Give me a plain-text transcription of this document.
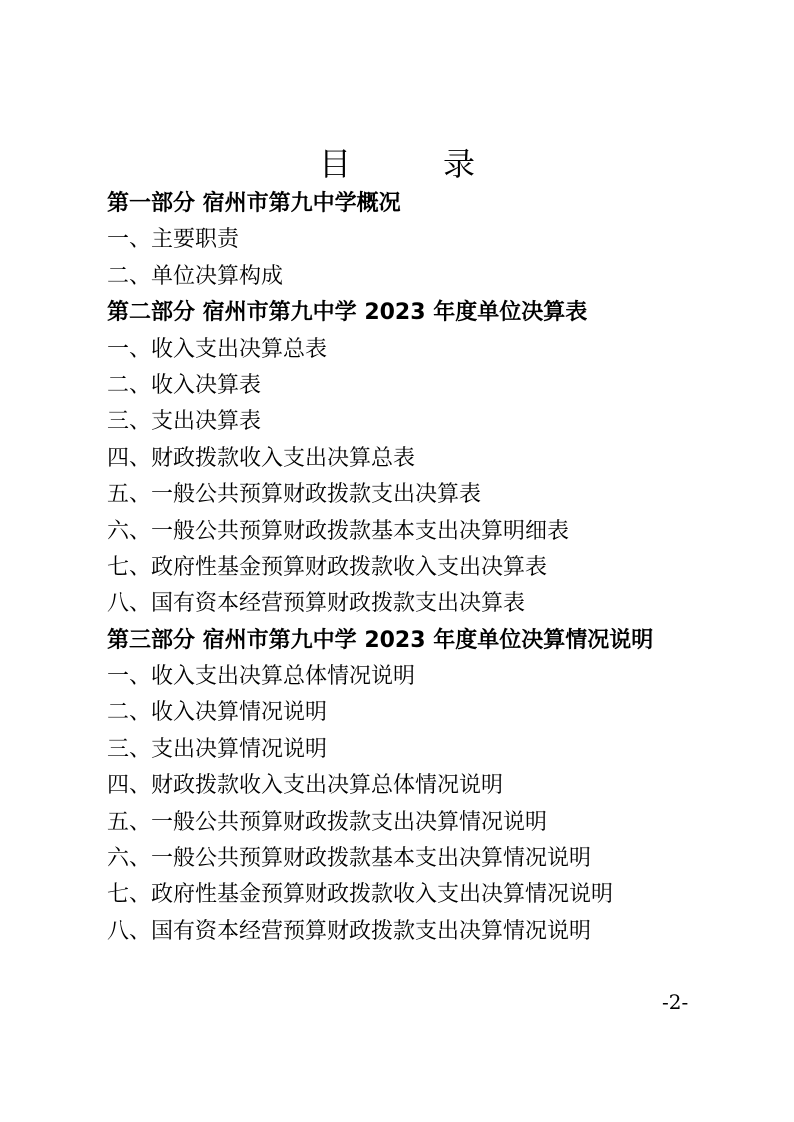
目　录
第一部分 宿州市第九中学概况
一、主要职责
二、单位决算构成
第二部分 宿州市第九中学 2023 年度单位决算表
一、收入支出决算总表
二、收入决算表
三、支出决算表
四、财政拨款收入支出决算总表
五、一般公共预算财政拨款支出决算表
六、一般公共预算财政拨款基本支出决算明细表
七、政府性基金预算财政拨款收入支出决算表
八、国有资本经营预算财政拨款支出决算表
第三部分 宿州市第九中学 2023 年度单位决算情况说明
一、收入支出决算总体情况说明
二、收入决算情况说明
三、支出决算情况说明
四、财政拨款收入支出决算总体情况说明
五、一般公共预算财政拨款支出决算情况说明
六、一般公共预算财政拨款基本支出决算情况说明
七、政府性基金预算财政拨款收入支出决算情况说明
八、国有资本经营预算财政拨款支出决算情况说明
-2-
